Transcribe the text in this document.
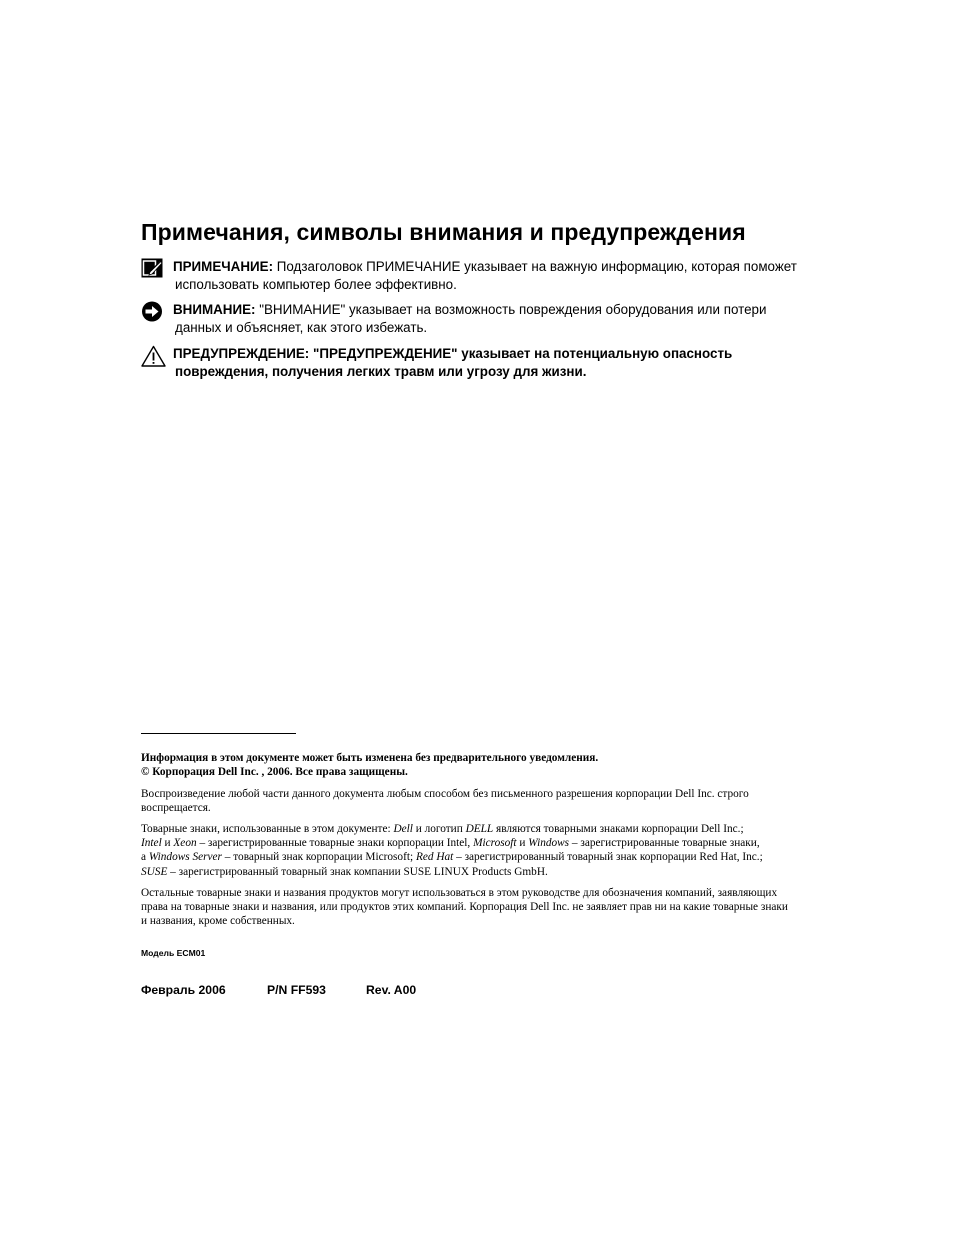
Примечания, символы внимания и предупреждения
ПРИМЕЧАНИЕ: Подзаголовок ПРИМЕЧАНИЕ указывает на важную информацию, которая поможет
использовать компьютер более эффективно.
ВНИМАНИЕ: "ВНИМАНИЕ" указывает на возможность повреждения оборудования или потери
данных и объясняет, как этого избежать.
ПРЕДУПРЕЖДЕНИЕ: "ПРЕДУПРЕЖДЕНИЕ" указывает на потенциальную опасность
повреждения, получения легких травм или угрозу для жизни.

Информация в этом документе может быть изменена без предварительного уведомления.

© Корпорация Dell Inc. , 2006. Все права защищены.

Воспроизведение любой части данного документа любым способом без письменного разрешения корпорации Dell Inc. строго

воспрещается.

Товарные знаки, использованные в этом документе: Dell и логотип DELL являются товарными знаками корпорации Dell Inc.;

Intel и Xeon – зарегистрированные товарные знаки корпорации Intel, Microsoft и Windows – зарегистрированные товарные знаки,

а Windows Server – товарный знак корпорации Microsoft; Red Hat – зарегистрированный товарный знак корпорации Red Hat, Inc.;

SUSE – зарегистрированный товарный знак компании SUSE LINUX Products GmbH.

Остальные товарные знаки и названия продуктов могут использоваться в этом руководстве для обозначения компаний, заявляющих

права на товарные знаки и названия, или продуктов этих компаний. Корпорация Dell Inc. не заявляет прав ни на какие товарные знаки

и названия, кроме собственных.

Модель ECM01
Февраль 2006	P/N FF593	Rev. A00
